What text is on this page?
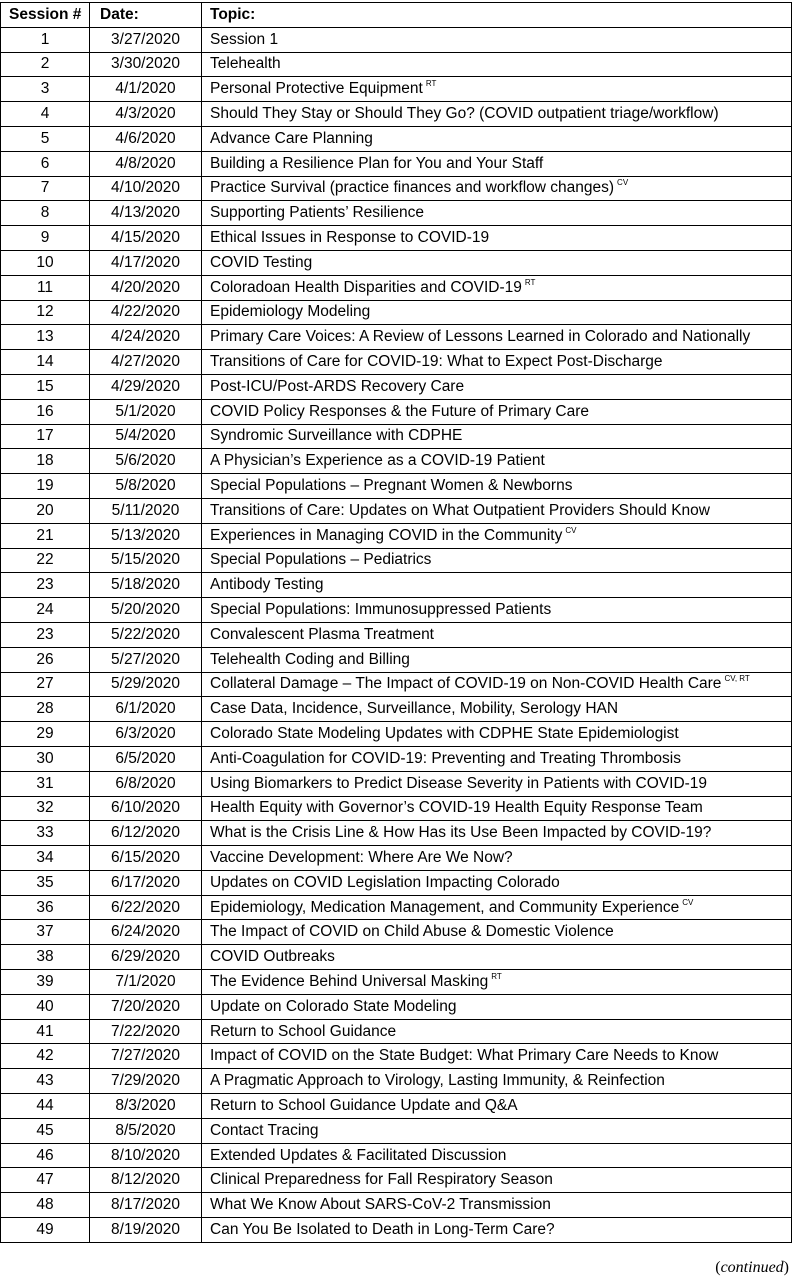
Session #	Date:	Topic:
1	3/27/2020	Session 1
2	3/30/2020	Telehealth
3	4/1/2020	Personal Protective Equipment $^{RT}$
4	4/3/2020	Should They Stay or Should They Go? (COVID outpatient triage/workflow)
5	4/6/2020	Advance Care Planning
6	4/8/2020	Building a Resilience Plan for You and Your Staff
7	4/10/2020	Practice Survival (practice finances and workflow changes) $^{CV}$
8	4/13/2020	Supporting Patients’ Resilience
9	4/15/2020	Ethical Issues in Response to COVID-19
10	4/17/2020	COVID Testing
11	4/20/2020	Coloradoan Health Disparities and COVID-19 $^{RT}$
12	4/22/2020	Epidemiology Modeling
13	4/24/2020	Primary Care Voices: A Review of Lessons Learned in Colorado and Nationally
14	4/27/2020	Transitions of Care for COVID-19: What to Expect Post-Discharge
15	4/29/2020	Post-ICU/Post-ARDS Recovery Care
16	5/1/2020	COVID Policy Responses & the Future of Primary Care
17	5/4/2020	Syndromic Surveillance with CDPHE
18	5/6/2020	A Physician’s Experience as a COVID-19 Patient
19	5/8/2020	Special Populations – Pregnant Women & Newborns
20	5/11/2020	Transitions of Care: Updates on What Outpatient Providers Should Know
21	5/13/2020	Experiences in Managing COVID in the Community $^{CV}$
22	5/15/2020	Special Populations – Pediatrics
23	5/18/2020	Antibody Testing
24	5/20/2020	Special Populations: Immunosuppressed Patients
23	5/22/2020	Convalescent Plasma Treatment
26	5/27/2020	Telehealth Coding and Billing
27	5/29/2020	Collateral Damage – The Impact of COVID-19 on Non-COVID Health Care $^{CV, RT}$
28	6/1/2020	Case Data, Incidence, Surveillance, Mobility, Serology HAN
29	6/3/2020	Colorado State Modeling Updates with CDPHE State Epidemiologist
30	6/5/2020	Anti-Coagulation for COVID-19: Preventing and Treating Thrombosis
31	6/8/2020	Using Biomarkers to Predict Disease Severity in Patients with COVID-19
32	6/10/2020	Health Equity with Governor’s COVID-19 Health Equity Response Team
33	6/12/2020	What is the Crisis Line & How Has its Use Been Impacted by COVID-19?
34	6/15/2020	Vaccine Development: Where Are We Now?
35	6/17/2020	Updates on COVID Legislation Impacting Colorado
36	6/22/2020	Epidemiology, Medication Management, and Community Experience $^{CV}$
37	6/24/2020	The Impact of COVID on Child Abuse & Domestic Violence
38	6/29/2020	COVID Outbreaks
39	7/1/2020	The Evidence Behind Universal Masking $^{RT}$
40	7/20/2020	Update on Colorado State Modeling
41	7/22/2020	Return to School Guidance
42	7/27/2020	Impact of COVID on the State Budget: What Primary Care Needs to Know
43	7/29/2020	A Pragmatic Approach to Virology, Lasting Immunity, & Reinfection
44	8/3/2020	Return to School Guidance Update and Q&A
45	8/5/2020	Contact Tracing
46	8/10/2020	Extended Updates & Facilitated Discussion
47	8/12/2020	Clinical Preparedness for Fall Respiratory Season
48	8/17/2020	What We Know About SARS-CoV-2 Transmission
49	8/19/2020	Can You Be Isolated to Death in Long-Term Care?
(continued)
